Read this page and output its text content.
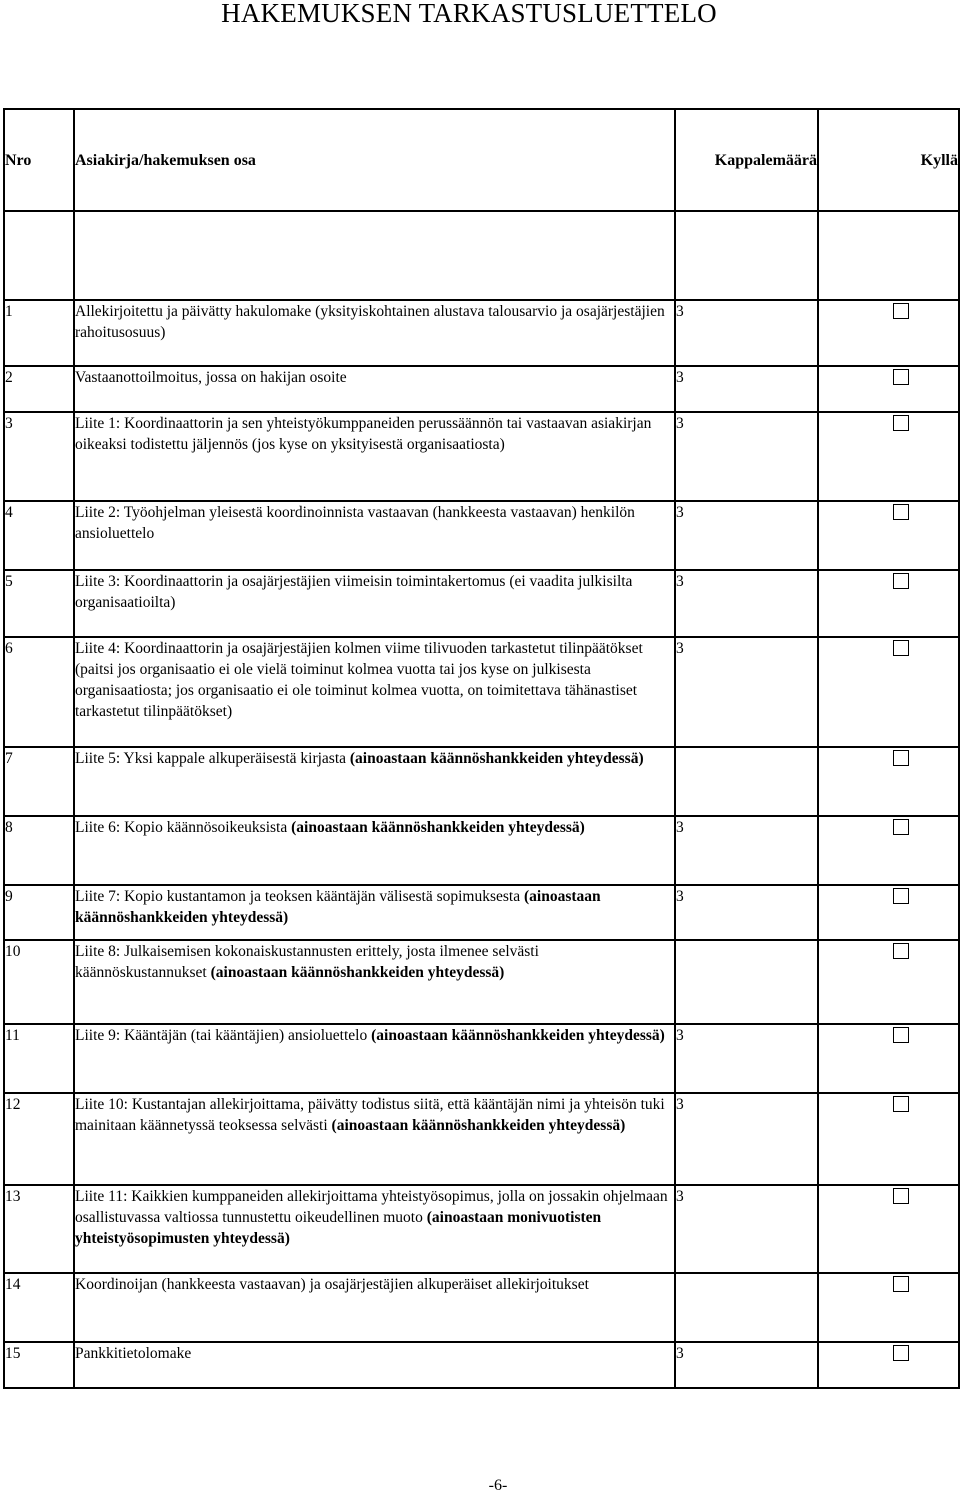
HAKEMUKSEN TARKASTUSLUETTELO
Nro	Asiakirja/hakemuksen osa	Kappalemäärä	Kyllä

1	Allekirjoitettu ja päivätty hakulomake (yksityiskohtainen alustava talousarvio ja osajärjestäjien rahoitusosuus)	3	
2	Vastaanottoilmoitus, jossa on hakijan osoite	3	
3	Liite 1: Koordinaattorin ja sen yhteistyökumppaneiden perussäännön tai vastaavan asiakirjan oikeaksi todistettu jäljennös (jos kyse on yksityisestä organisaatiosta)	3	
4	Liite 2: Työohjelman yleisestä koordinoinnista vastaavan (hankkeesta vastaavan) henkilön ansioluettelo	3	
5	Liite 3: Koordinaattorin ja osajärjestäjien viimeisin toimintakertomus (ei vaadita julkisilta organisaatioilta)	3	
6	Liite 4: Koordinaattorin ja osajärjestäjien kolmen viime tilivuoden tarkastetut tilinpäätökset (paitsi jos organisaatio ei ole vielä toiminut kolmea vuotta tai jos kyse on julkisesta organisaatiosta; jos organisaatio ei ole toiminut kolmea vuotta, on toimitettava tähänastiset tarkastetut tilinpäätökset)	3	
7	Liite 5: Yksi kappale alkuperäisestä kirjasta (ainoastaan käännöshankkeiden yhteydessä)		
8	Liite 6: Kopio käännösoikeuksista (ainoastaan käännöshankkeiden yhteydessä)	3	
9	Liite 7: Kopio kustantamon ja teoksen kääntäjän välisestä sopimuksesta (ainoastaan käännöshankkeiden yhteydessä)	3	
10	Liite 8: Julkaisemisen kokonaiskustannusten erittely, josta ilmenee selvästi käännöskustannukset (ainoastaan käännöshankkeiden yhteydessä)		
11	Liite 9: Kääntäjän (tai kääntäjien) ansioluettelo (ainoastaan käännöshankkeiden yhteydessä)	3	
12	Liite 10: Kustantajan allekirjoittama, päivätty todistus siitä, että kääntäjän nimi ja yhteisön tuki mainitaan käännetyssä teoksessa selvästi (ainoastaan käännöshankkeiden yhteydessä)	3	
13	Liite 11: Kaikkien kumppaneiden allekirjoittama yhteistyösopimus, jolla on jossakin ohjelmaan osallistuvassa valtiossa tunnustettu oikeudellinen muoto (ainoastaan monivuotisten yhteistyösopimusten yhteydessä)	3	
14	Koordinoijan (hankkeesta vastaavan) ja osajärjestäjien alkuperäiset allekirjoitukset		
15	Pankkitietolomake	3	
-6-
